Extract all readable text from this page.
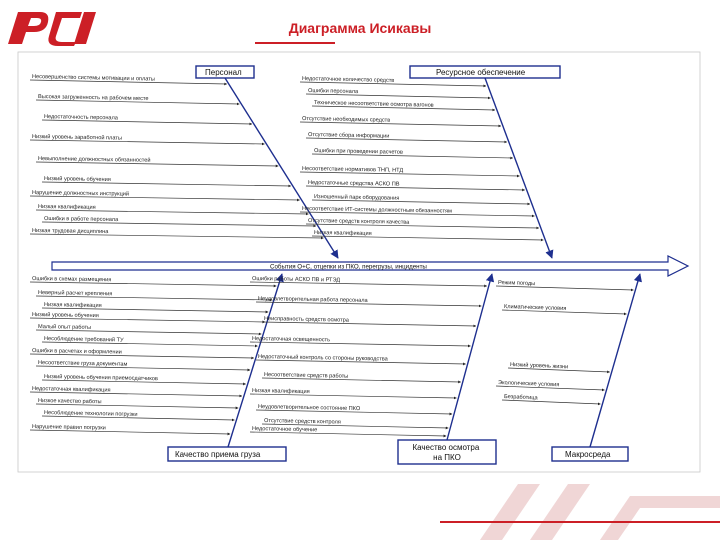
Диаграмма Исикавы
События О+С, отцепки из ПКО, перегрузы, инциденты
Персонал	Ресурсное обеспечение
Качество приема груза
Качество осмотра на ПКО	Макросреда
Несовершенство системы мотивации и оплаты
Высокая загруженность на рабочем месте
Недостаточность персонала
Низкий уровень заработной платы
Невыполнение должностных обязанностей
Низкий уровень обучения
Нарушение должностных инструкций
Низкая квалификация
Ошибки в работе персонала
Низкая трудовая дисциплина
Недостаточное количество средств
Ошибки персонала
Техническое несоответствие осмотра вагонов
Отсутствие необходимых средств
Отсутствие сбора информации
Ошибки при проведении расчетов
Несоответствие нормативов ТНП, НТД
Недостаточные средства АСКО ПВ
Изношенный парк оборудования
Несоответствие ИТ-системы должностным обязанностям
Отсутствие средств контроля качества
Низкая квалификация
Ошибки в схемах размещения
Неверный расчет крепления
Низкая квалификация
Низкий уровень обучения
Малый опыт работы
Несоблюдение требований ТУ
Ошибки в расчетах и оформлении
Несоответствие груза документам
Низкий уровень обучения приемосдатчиков
Недостаточная квалификация
Низкое качество работы
Несоблюдение технологии погрузки
Нарушение правил погрузки
Ошибки работы АСКО ПВ и РТЭД
Неудовлетворительная работа персонала
Неисправность средств осмотра
Недостаточная освещенность
Недостаточный контроль со стороны руководства
Несоответствие средств работы
Низкая квалификация
Неудовлетворительное состояние ПКО
Отсутствие средств контроля
Недостаточное обучение
Режим погоды
Климатические условия
Низкий уровень жизни
Экологические условия
Безработица
